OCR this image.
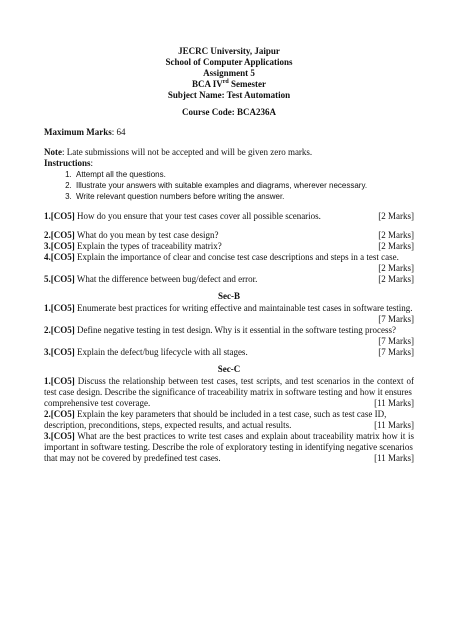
JECRC University, Jaipur
School of Computer Applications
Assignment 5
BCA IVrd Semester
Subject Name: Test Automation
Course Code: BCA236A
Maximum Marks: 64
Note: Late submissions will not be accepted and will be given zero marks.
Instructions:
1. Attempt all the questions.
2. Illustrate your answers with suitable examples and diagrams, wherever necessary.
3. Write relevant question numbers before writing the answer.
1.[CO5] How do you ensure that your test cases cover all possible scenarios.	[2 Marks]
2.[CO5] What do you mean by test case design?	[2 Marks]
3.[CO5] Explain the types of traceability matrix?	[2 Marks]
4.[CO5] Explain the importance of clear and concise test case descriptions and steps in a test case.
[2 Marks]
5.[CO5] What the difference between bug/defect and error.	[2 Marks]
Sec-B
1.[CO5] Enumerate best practices for writing effective and maintainable test cases in software testing.
[7 Marks]
2.[CO5] Define negative testing in test design. Why is it essential in the software testing process?
[7 Marks]
3.[CO5] Explain the defect/bug lifecycle with all stages.	[7 Marks]
Sec-C
1.[CO5] Discuss the relationship between test cases, test scripts, and test scenarios in the context of test case design. Describe the significance of traceability matrix in software testing and how it ensures
comprehensive test coverage.	[11 Marks]
2.[CO5] Explain the key parameters that should be included in a test case, such as test case ID,
description, preconditions, steps, expected results, and actual results.	[11 Marks]
3.[CO5] What are the best practices to write test cases and explain about traceability matrix how it is important in software testing. Describe the role of exploratory testing in identifying negative scenarios
that may not be covered by predefined test cases.	[11 Marks]
